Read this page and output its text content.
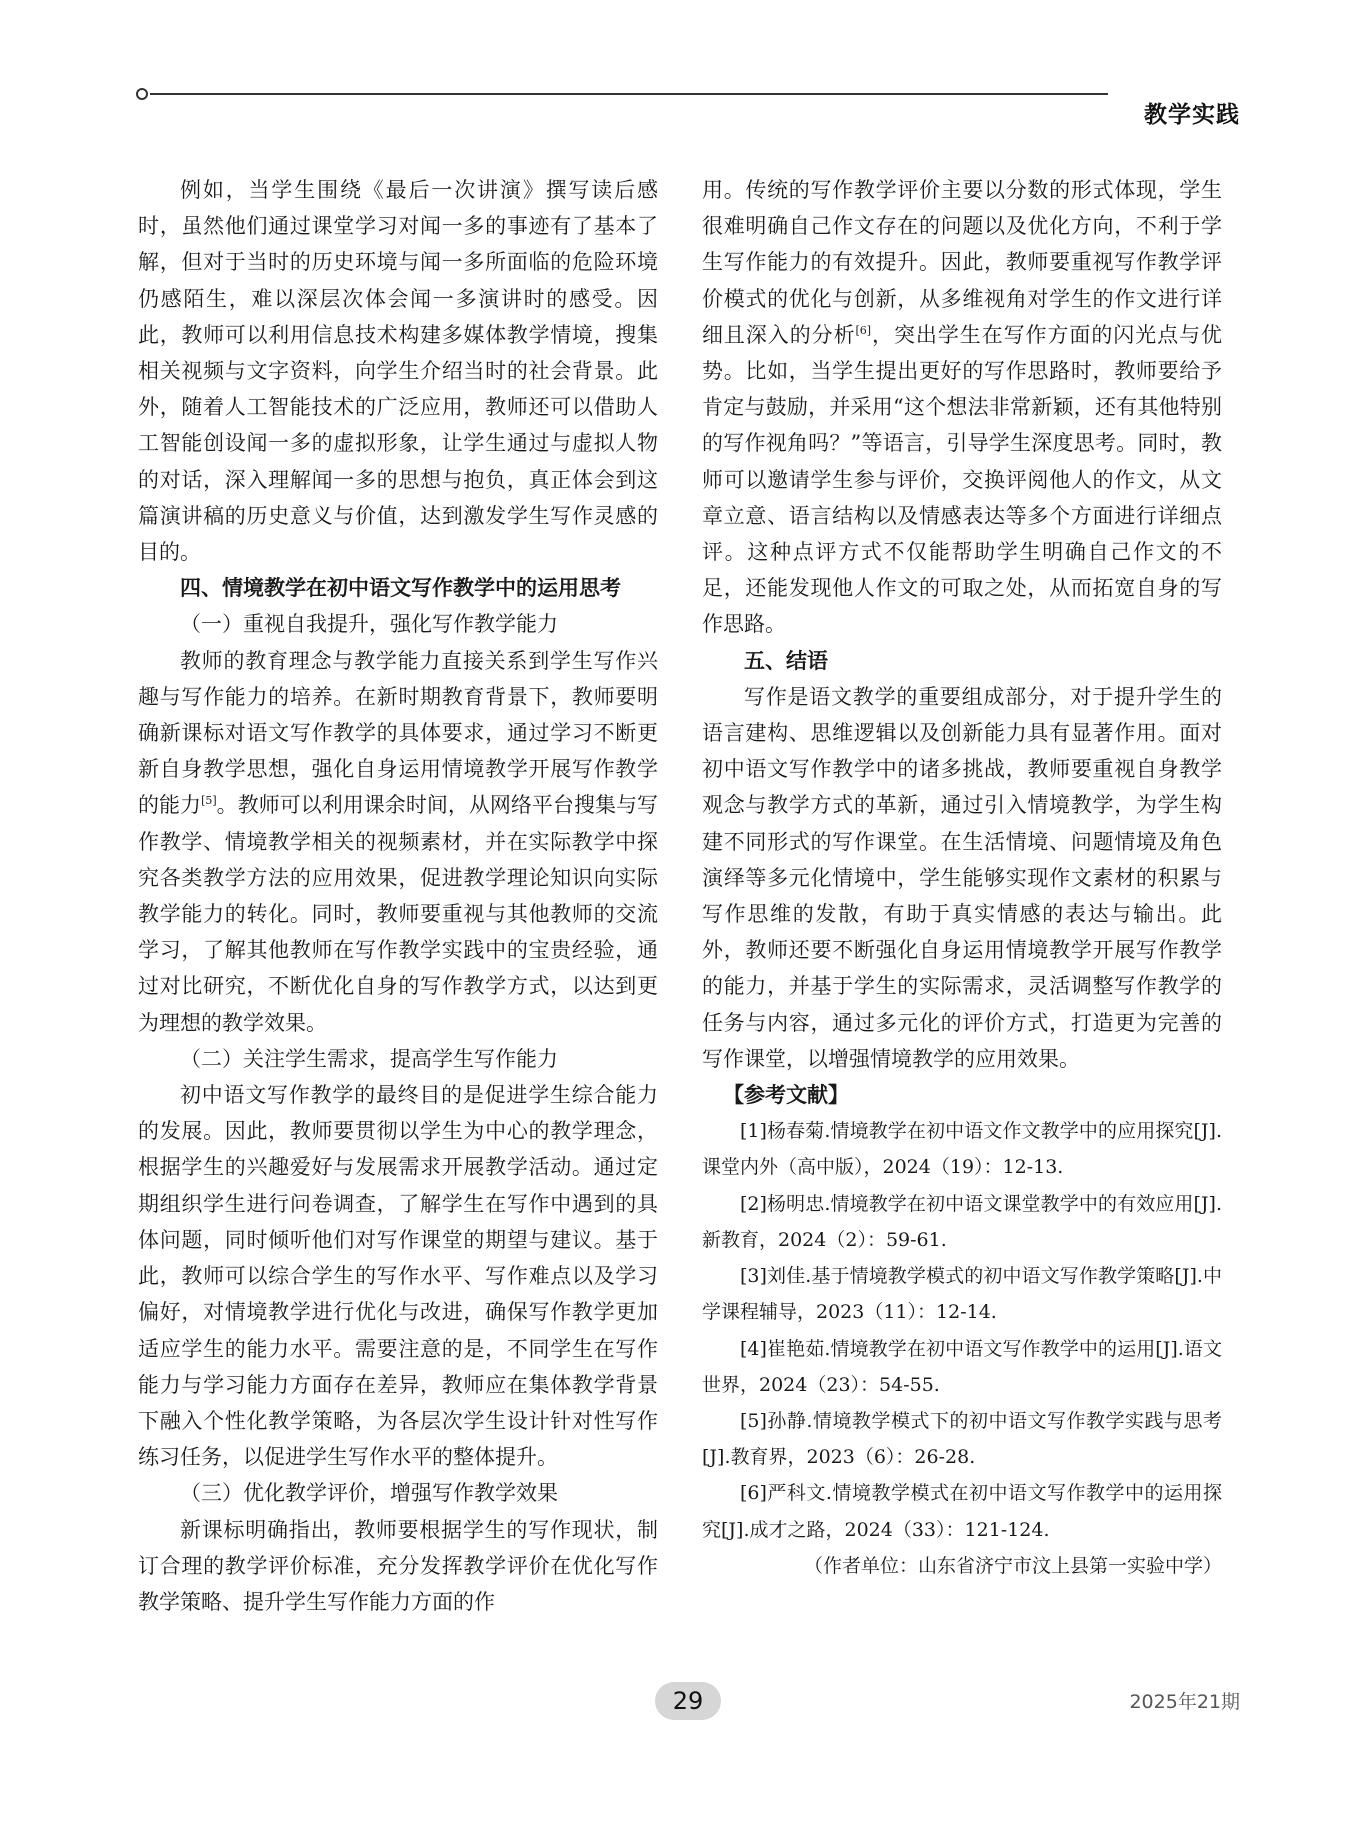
教学实践

例如，当学生围绕《最后一次讲演》撰写读后感时，虽然他们通过课堂学习对闻一多的事迹有了基本了解，但对于当时的历史环境与闻一多所面临的危险环境仍感陌生，难以深层次体会闻一多演讲时的感受。因此，教师可以利用信息技术构建多媒体教学情境，搜集相关视频与文字资料，向学生介绍当时的社会背景。此外，随着人工智能技术的广泛应用，教师还可以借助人工智能创设闻一多的虚拟形象，让学生通过与虚拟人物的对话，深入理解闻一多的思想与抱负，真正体会到这篇演讲稿的历史意义与价值，达到激发学生写作灵感的目的。

四、情境教学在初中语文写作教学中的运用思考

（一）重视自我提升，强化写作教学能力

教师的教育理念与教学能力直接关系到学生写作兴趣与写作能力的培养。在新时期教育背景下，教师要明确新课标对语文写作教学的具体要求，通过学习不断更新自身教学思想，强化自身运用情境教学开展写作教学的能力[5]。教师可以利用课余时间，从网络平台搜集与写作教学、情境教学相关的视频素材，并在实际教学中探究各类教学方法的应用效果，促进教学理论知识向实际教学能力的转化。同时，教师要重视与其他教师的交流学习，了解其他教师在写作教学实践中的宝贵经验，通过对比研究，不断优化自身的写作教学方式，以达到更为理想的教学效果。

（二）关注学生需求，提高学生写作能力

初中语文写作教学的最终目的是促进学生综合能力的发展。因此，教师要贯彻以学生为中心的教学理念，根据学生的兴趣爱好与发展需求开展教学活动。通过定期组织学生进行问卷调查，了解学生在写作中遇到的具体问题，同时倾听他们对写作课堂的期望与建议。基于此，教师可以综合学生的写作水平、写作难点以及学习偏好，对情境教学进行优化与改进，确保写作教学更加适应学生的能力水平。需要注意的是，不同学生在写作能力与学习能力方面存在差异，教师应在集体教学背景下融入个性化教学策略，为各层次学生设计针对性写作练习任务，以促进学生写作水平的整体提升。

（三）优化教学评价，增强写作教学效果

新课标明确指出，教师要根据学生的写作现状，制订合理的教学评价标准，充分发挥教学评价在优化写作教学策略、提升学生写作能力方面的作

用。传统的写作教学评价主要以分数的形式体现，学生很难明确自己作文存在的问题以及优化方向，不利于学生写作能力的有效提升。因此，教师要重视写作教学评价模式的优化与创新，从多维视角对学生的作文进行详细且深入的分析[6]，突出学生在写作方面的闪光点与优势。比如，当学生提出更好的写作思路时，教师要给予肯定与鼓励，并采用“这个想法非常新颖，还有其他特别的写作视角吗？”等语言，引导学生深度思考。同时，教师可以邀请学生参与评价，交换评阅他人的作文，从文章立意、语言结构以及情感表达等多个方面进行详细点评。这种点评方式不仅能帮助学生明确自己作文的不足，还能发现他人作文的可取之处，从而拓宽自身的写作思路。

五、结语

写作是语文教学的重要组成部分，对于提升学生的语言建构、思维逻辑以及创新能力具有显著作用。面对初中语文写作教学中的诸多挑战，教师要重视自身教学观念与教学方式的革新，通过引入情境教学，为学生构建不同形式的写作课堂。在生活情境、问题情境及角色演绎等多元化情境中，学生能够实现作文素材的积累与写作思维的发散，有助于真实情感的表达与输出。此外，教师还要不断强化自身运用情境教学开展写作教学的能力，并基于学生的实际需求，灵活调整写作教学的任务与内容，通过多元化的评价方式，打造更为完善的写作课堂，以增强情境教学的应用效果。

【参考文献】

[1]杨春菊.情境教学在初中语文作文教学中的应用探究[J].课堂内外（高中版），2024（19）：12-13.

[2]杨明忠.情境教学在初中语文课堂教学中的有效应用[J].新教育，2024（2）：59-61.

[3]刘佳.基于情境教学模式的初中语文写作教学策略[J].中学课程辅导，2023（11）：12-14.

[4]崔艳茹.情境教学在初中语文写作教学中的运用[J].语文世界，2024（23）：54-55.

[5]孙静.情境教学模式下的初中语文写作教学实践与思考[J].教育界，2023（6）：26-28.

[6]严科文.情境教学模式在初中语文写作教学中的运用探究[J].成才之路，2024（33）：121-124.

（作者单位：山东省济宁市汶上县第一实验中学）

29	2025年21期
